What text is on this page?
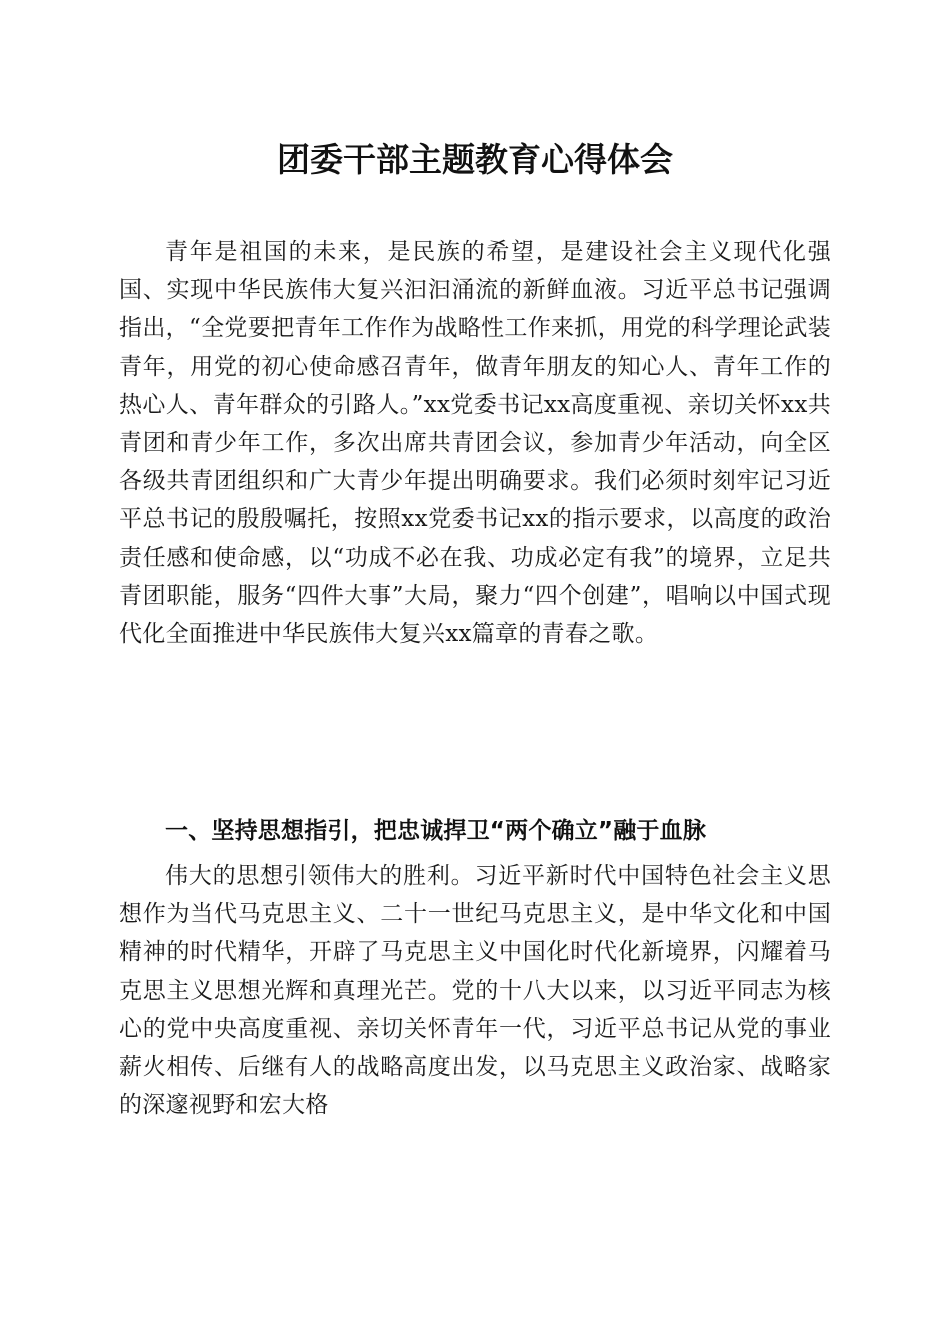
团委干部主题教育心得体会

青年是祖国的未来，是民族的希望，是建设社会主义现代化强国、实现中华民族伟大复兴汩汩涌流的新鲜血液。习近平总书记强调指出，“全党要把青年工作作为战略性工作来抓，用党的科学理论武装青年，用党的初心使命感召青年，做青年朋友的知心人、青年工作的热心人、青年群众的引路人。”xx党委书记xx高度重视、亲切关怀xx共青团和青少年工作，多次出席共青团会议，参加青少年活动，向全区各级共青团组织和广大青少年提出明确要求。我们必须时刻牢记习近平总书记的殷殷嘱托，按照xx党委书记xx的指示要求，以高度的政治责任感和使命感，以“功成不必在我、功成必定有我”的境界，立足共青团职能，服务“四件大事”大局，聚力“四个创建”，唱响以中国式现代化全面推进中华民族伟大复兴xx篇章的青春之歌。

一、坚持思想指引，把忠诚捍卫“两个确立”融于血脉

伟大的思想引领伟大的胜利。习近平新时代中国特色社会主义思想作为当代马克思主义、二十一世纪马克思主义，是中华文化和中国精神的时代精华，开辟了马克思主义中国化时代化新境界，闪耀着马克思主义思想光辉和真理光芒。党的十八大以来，以习近平同志为核心的党中央高度重视、亲切关怀青年一代，习近平总书记从党的事业薪火相传、后继有人的战略高度出发，以马克思主义政治家、战略家的深邃视野和宏大格
